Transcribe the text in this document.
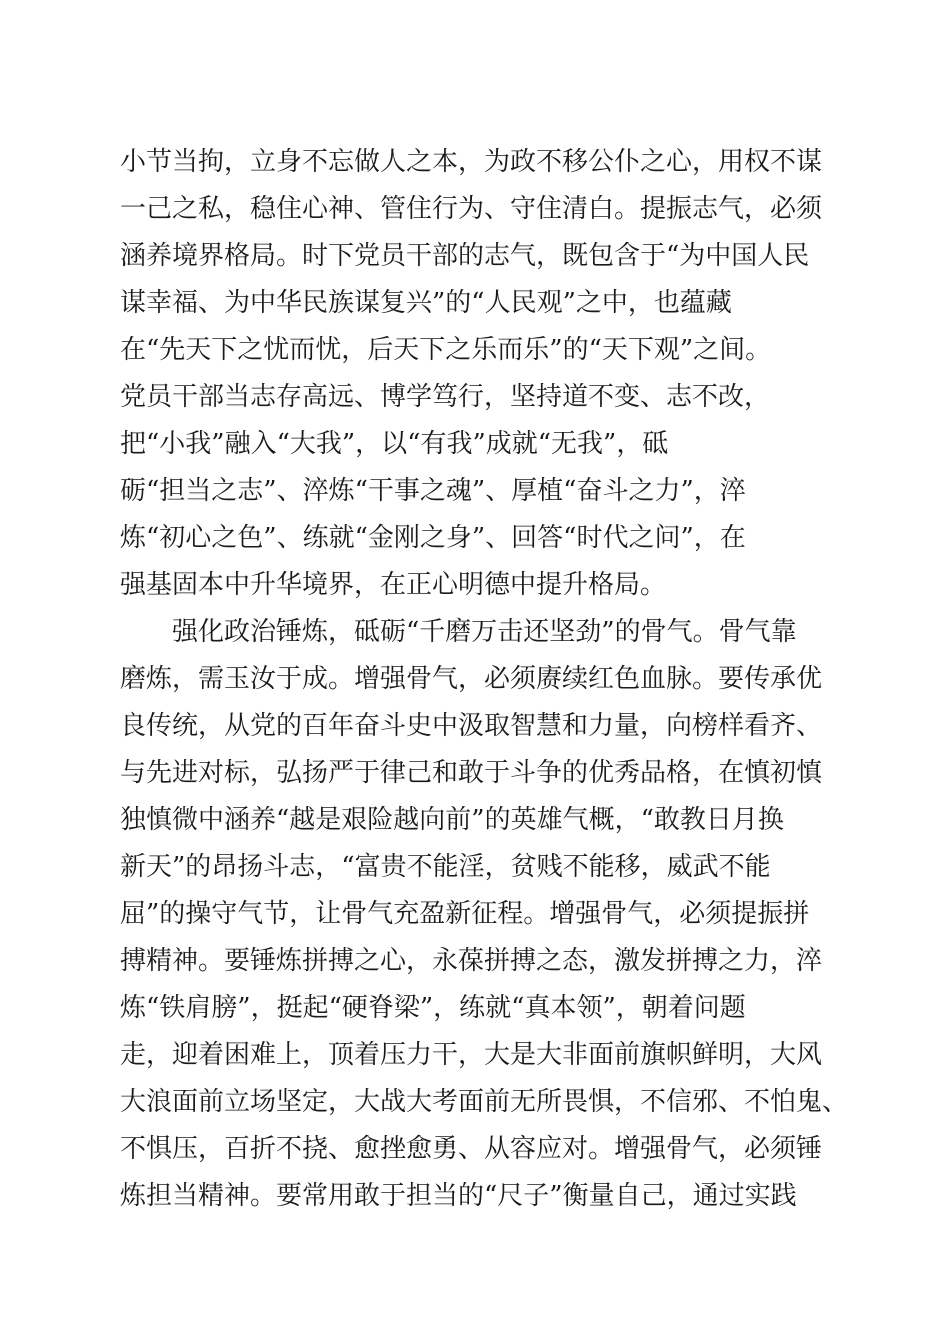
小节当拘，立身不忘做人之本，为政不移公仆之心，用权不谋
一己之私，稳住心神、管住行为、守住清白。提振志气，必须
涵养境界格局。时下党员干部的志气，既包含于“为中国人民
谋幸福、为中华民族谋复兴”的“人民观”之中，也蕴藏
在“先天下之忧而忧，后天下之乐而乐”的“天下观”之间。
党员干部当志存高远、博学笃行，坚持道不变、志不改，
把“小我”融入“大我”，以“有我”成就“无我”，砥
砺“担当之志”、淬炼“干事之魂”、厚植“奋斗之力”，淬
炼“初心之色”、练就“金刚之身”、回答“时代之问”，在
强基固本中升华境界，在正心明德中提升格局。
强化政治锤炼，砥砺“千磨万击还坚劲”的骨气。骨气靠
磨炼，需玉汝于成。增强骨气，必须赓续红色血脉。要传承优
良传统，从党的百年奋斗史中汲取智慧和力量，向榜样看齐、
与先进对标，弘扬严于律己和敢于斗争的优秀品格，在慎初慎
独慎微中涵养“越是艰险越向前”的英雄气概，“敢教日月换
新天”的昂扬斗志，“富贵不能淫，贫贱不能移，威武不能
屈”的操守气节，让骨气充盈新征程。增强骨气，必须提振拼
搏精神。要锤炼拼搏之心，永葆拼搏之态，激发拼搏之力，淬
炼“铁肩膀”，挺起“硬脊梁”，练就“真本领”，朝着问题
走，迎着困难上，顶着压力干，大是大非面前旗帜鲜明，大风
大浪面前立场坚定，大战大考面前无所畏惧，不信邪、不怕鬼、
不惧压，百折不挠、愈挫愈勇、从容应对。增强骨气，必须锤
炼担当精神。要常用敢于担当的“尺子”衡量自己，通过实践
